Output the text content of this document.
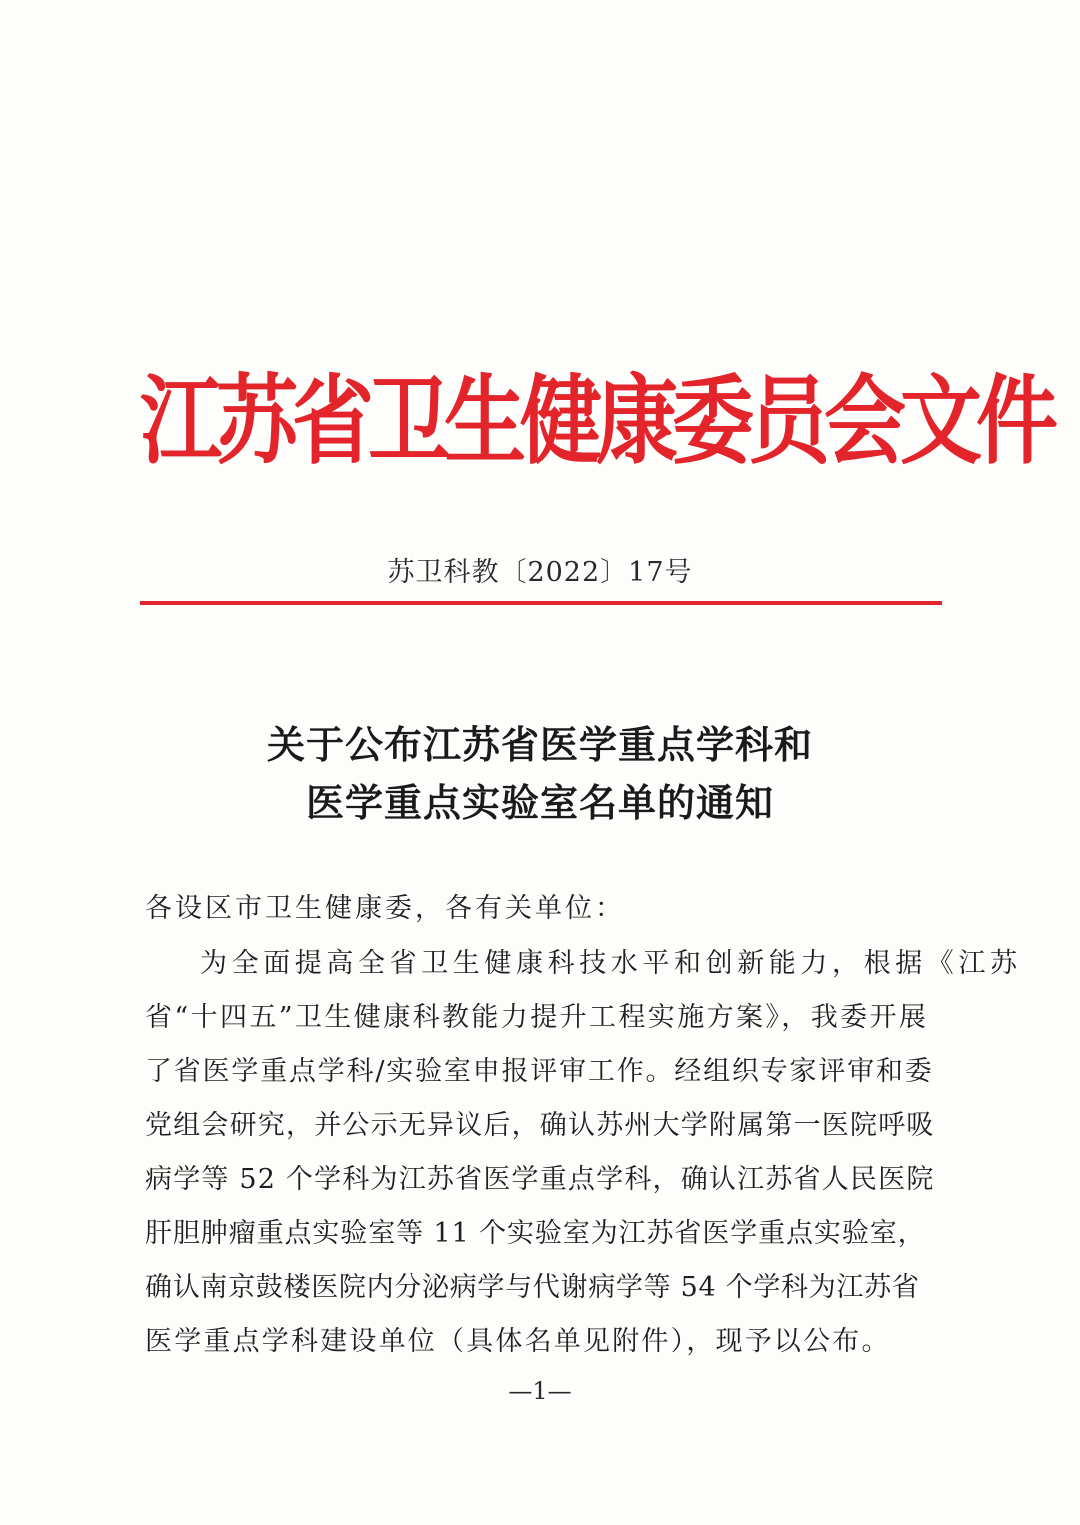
江苏省卫生健康委员会文件
苏卫科教〔2022〕17号
关于公布江苏省医学重点学科和
医学重点实验室名单的通知
各设区市卫生健康委，各有关单位：
为全面提高全省卫生健康科技水平和创新能力，根据《江苏
省“十四五”卫生健康科教能力提升工程实施方案》，我委开展
了省医学重点学科/实验室申报评审工作。经组织专家评审和委
党组会研究，并公示无异议后，确认苏州大学附属第一医院呼吸
病学等 52 个学科为江苏省医学重点学科，确认江苏省人民医院
肝胆肿瘤重点实验室等 11 个实验室为江苏省医学重点实验室，
确认南京鼓楼医院内分泌病学与代谢病学等 54 个学科为江苏省
医学重点学科建设单位（具体名单见附件），现予以公布。
—1—
